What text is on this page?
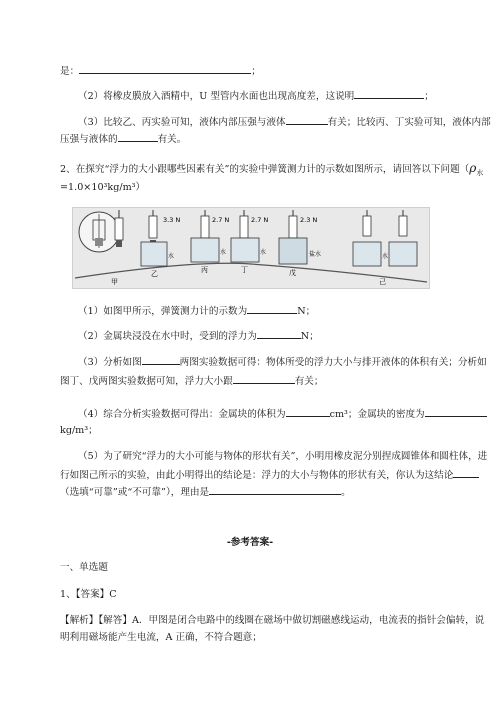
是：	；
（2）将橡皮膜放入酒精中，U 型管内水面也出现高度差，这说明	；
（3）比较乙、丙实验可知，液体内部压强与液体	有关；比较丙、丁实验可知，液体内部
压强与液体的	有关。
2、在探究“浮力的大小跟哪些因素有关”的实验中弹簧测力计的示数如图所示，请回答以下问题（$\rho_水$
=1.0×10³kg/m³）
3.3 N	2.7 N	2.7 N	2.3 N
水
水	水	盐水	水
甲
乙	丙	丁	戊
己
（1）如图甲所示，弹簧测力计的示数为	N；
（2）金属块浸没在水中时，受到的浮力为	N；
（3）分析如图	两图实验数据可得：物体所受的浮力大小与排开液体的体积有关；分析如
图丁、戊两图实验数据可知，浮力大小跟	有关；
（4）综合分析实验数据可得出：金属块的体积为	cm³；金属块的密度为
kg/m³；
（5）为了研究“浮力的大小可能与物体的形状有关”，小明用橡皮泥分别捏成圆锥体和圆柱体，进
行如图己所示的实验，由此小明得出的结论是：浮力的大小与物体的形状有关，你认为这结论
（选填“可靠”或“不可靠”），理由是	。
-参考答案-
一、单选题
1、【答案】C
【解析】【解答】A．甲图是闭合电路中的线圈在磁场中做切割磁感线运动，电流表的指针会偏转，说
明利用磁场能产生电流，A 正确，不符合题意；
